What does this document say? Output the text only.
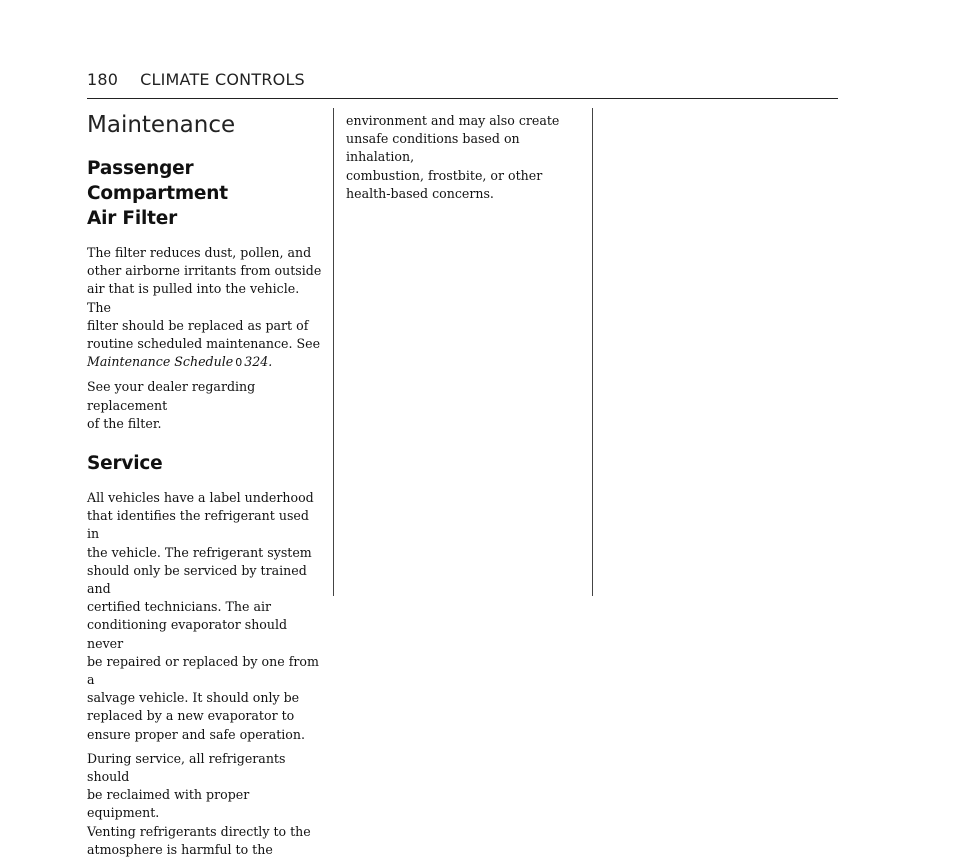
180 CLIMATE CONTROLS
Maintenance
Passenger Compartment
Air Filter

The filter reduces dust, pollen, and
other airborne irritants from outside
air that is pulled into the vehicle. The
filter should be replaced as part of
routine scheduled maintenance. See
Maintenance Schedule 0 324.

See your dealer regarding replacement
of the filter.

Service

All vehicles have a label underhood
that identifies the refrigerant used in
the vehicle. The refrigerant system
should only be serviced by trained and
certified technicians. The air
conditioning evaporator should never
be repaired or replaced by one from a
salvage vehicle. It should only be
replaced by a new evaporator to
ensure proper and safe operation.

During service, all refrigerants should
be reclaimed with proper equipment.
Venting refrigerants directly to the
atmosphere is harmful to the

environment and may also create
unsafe conditions based on inhalation,
combustion, frostbite, or other
health-based concerns.
